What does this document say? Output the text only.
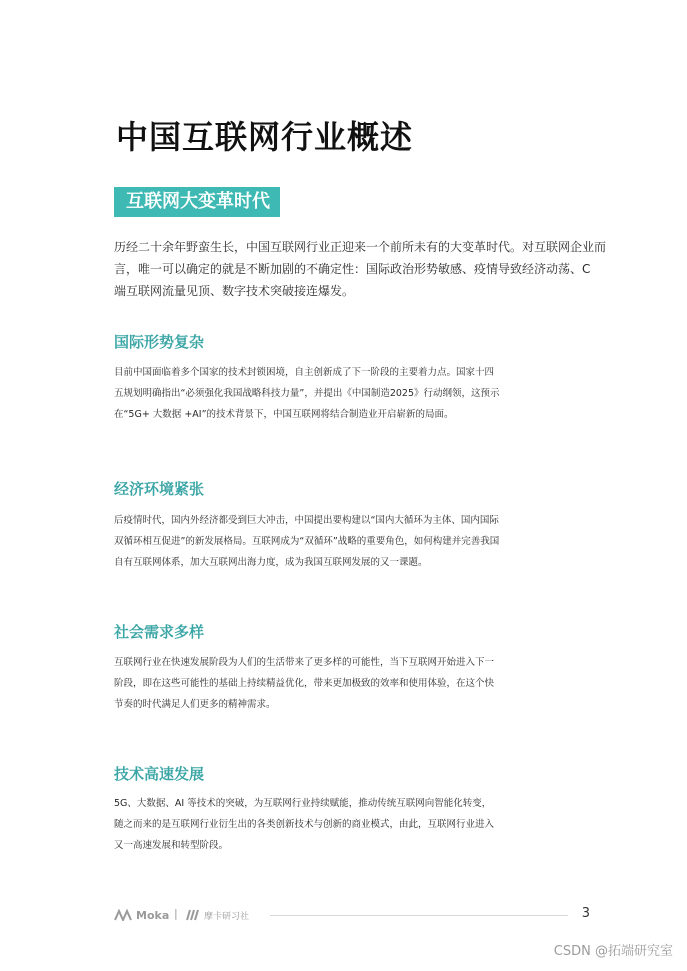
中国互联网行业概述
互联网大变革时代
历经二十余年野蛮生长，中国互联网行业正迎来一个前所未有的大变革时代。对互联网企业而言，唯一可以确定的就是不断加剧的不确定性：国际政治形势敏感、疫情导致经济动荡、C 端互联网流量见顶、数字技术突破接连爆发。
国际形势复杂
目前中国面临着多个国家的技术封锁困境，自主创新成了下一阶段的主要着力点。国家十四五规划明确指出“必须强化我国战略科技力量”，并提出《中国制造2025》行动纲领，这预示在“5G+ 大数据 +AI”的技术背景下，中国互联网将结合制造业开启崭新的局面。
经济环境紧张
后疫情时代，国内外经济都受到巨大冲击，中国提出要构建以“国内大循环为主体、国内国际双循环相互促进”的新发展格局。互联网成为“双循环”战略的重要角色，如何构建并完善我国自有互联网体系，加大互联网出海力度，成为我国互联网发展的又一课题。
社会需求多样
互联网行业在快速发展阶段为人们的生活带来了更多样的可能性，当下互联网开始进入下一阶段，即在这些可能性的基础上持续精益优化，带来更加极致的效率和使用体验，在这个快节奏的时代满足人们更多的精神需求。
技术高速发展
5G、大数据、AI 等技术的突破，为互联网行业持续赋能，推动传统互联网向智能化转变，随之而来的是互联网行业衍生出的各类创新技术与创新的商业模式，由此，互联网行业进入又一高速发展和转型阶段。
Moka |	摩卡研习社	3
CSDN @拓端研究室
